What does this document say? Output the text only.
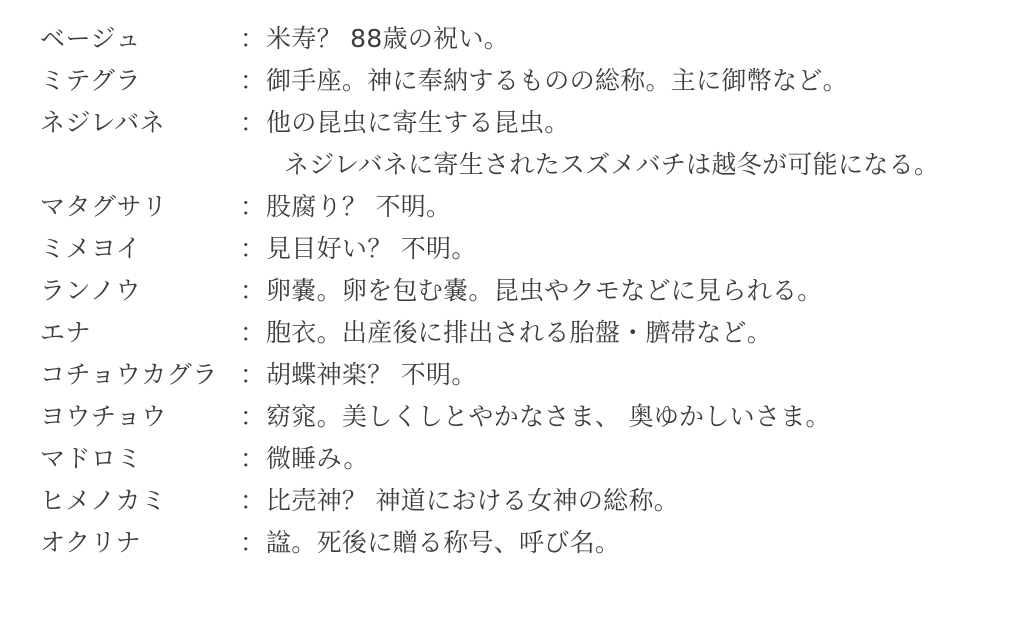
ベージュ	： 米寿？ 88歳の祝い。
ミテグラ	： 御手座。神に奉納するものの総称。主に御幣など。
ネジレバネ	： 他の昆虫に寄生する昆虫。
ネジレバネに寄生されたスズメバチは越冬が可能になる。
マタグサリ	： 股腐り？ 不明。
ミメヨイ	： 見目好い？ 不明。
ランノウ	： 卵嚢。卵を包む嚢。昆虫やクモなどに見られる。
エナ	： 胞衣。出産後に排出される胎盤・臍帯など。
コチョウカグラ ： 胡蝶神楽？ 不明。
ヨウチョウ	： 窈窕。美しくしとやかなさま、 奥ゆかしいさま。
マドロミ	： 微睡み。
ヒメノカミ	： 比売神？ 神道における女神の総称。
オクリナ	： 諡。死後に贈る称号、呼び名。
